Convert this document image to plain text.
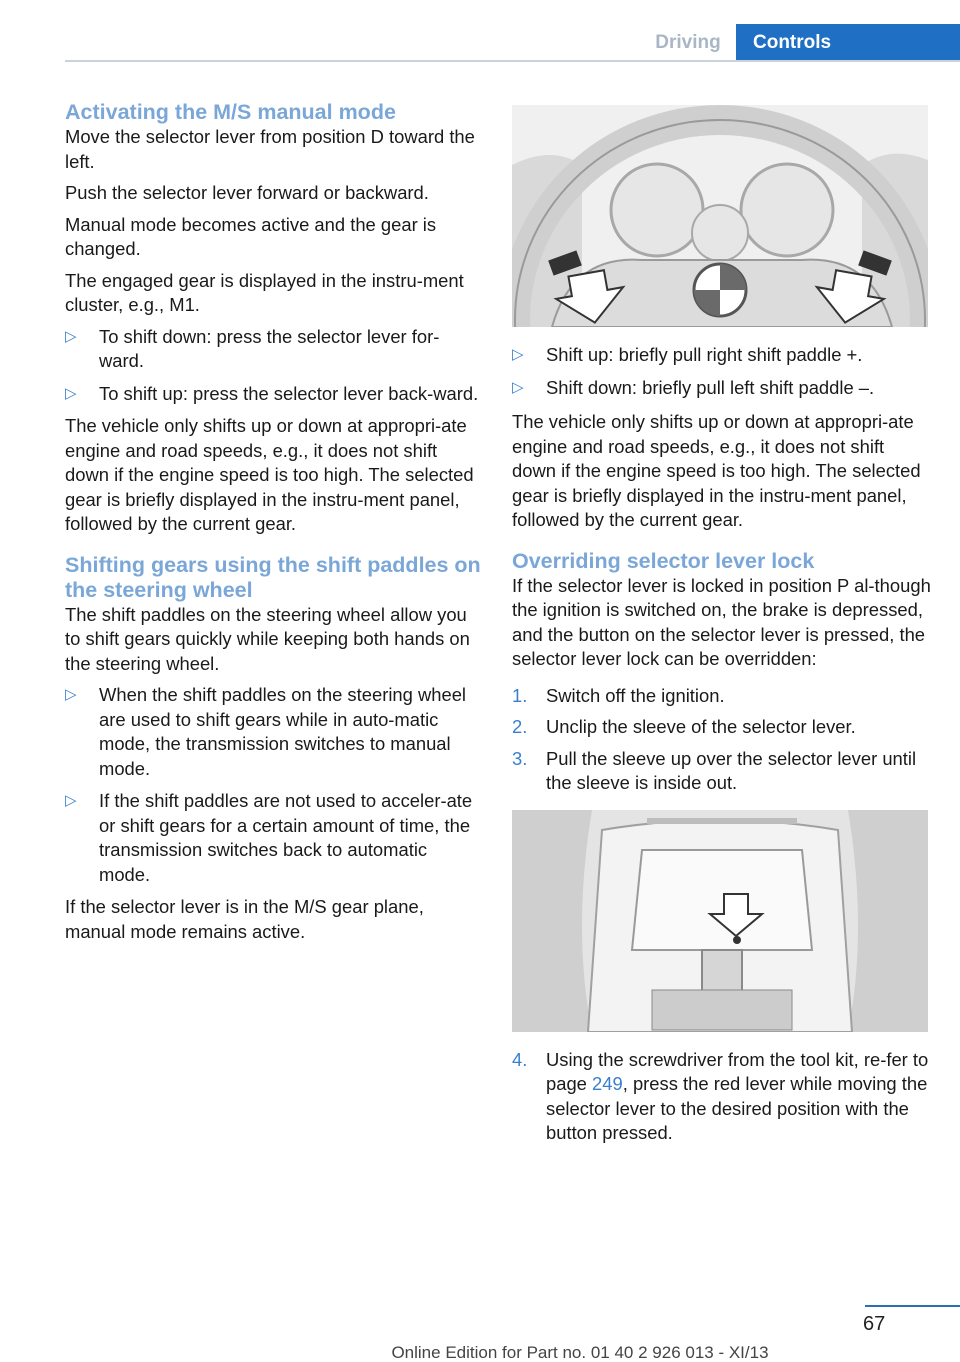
Driving	Controls
Activating the M/S manual mode

Move the selector lever from position D toward the left.

Push the selector lever forward or backward.

Manual mode becomes active and the gear is changed.

The engaged gear is displayed in the instru-ment cluster, e.g., M1.

▷ To shift down: press the selector lever for-ward.
▷ To shift up: press the selector lever back-ward.

The vehicle only shifts up or down at appropri-ate engine and road speeds, e.g., it does not shift down if the engine speed is too high. The selected gear is briefly displayed in the instru-ment panel, followed by the current gear.

Shifting gears using the shift paddles on the steering wheel

The shift paddles on the steering wheel allow you to shift gears quickly while keeping both hands on the steering wheel.

▷ When the shift paddles on the steering wheel are used to shift gears while in auto-matic mode, the transmission switches to manual mode.
▷ If the shift paddles are not used to acceler-ate or shift gears for a certain amount of time, the transmission switches back to automatic mode.

If the selector lever is in the M/S gear plane, manual mode remains active.

▷ Shift up: briefly pull right shift paddle +.
▷ Shift down: briefly pull left shift paddle –.

The vehicle only shifts up or down at appropri-ate engine and road speeds, e.g., it does not shift down if the engine speed is too high. The selected gear is briefly displayed in the instru-ment panel, followed by the current gear.

Overriding selector lever lock

If the selector lever is locked in position P al-though the ignition is switched on, the brake is depressed, and the button on the selector lever is pressed, the selector lever lock can be overridden:

1. Switch off the ignition.
2. Unclip the sleeve of the selector lever.
3. Pull the sleeve up over the selector lever until the sleeve is inside out.
4. Using the screwdriver from the tool kit, re-fer to page 249, press the red lever while moving the selector lever to the desired position with the button pressed.
67
Online Edition for Part no. 01 40 2 926 013 - XI/13
